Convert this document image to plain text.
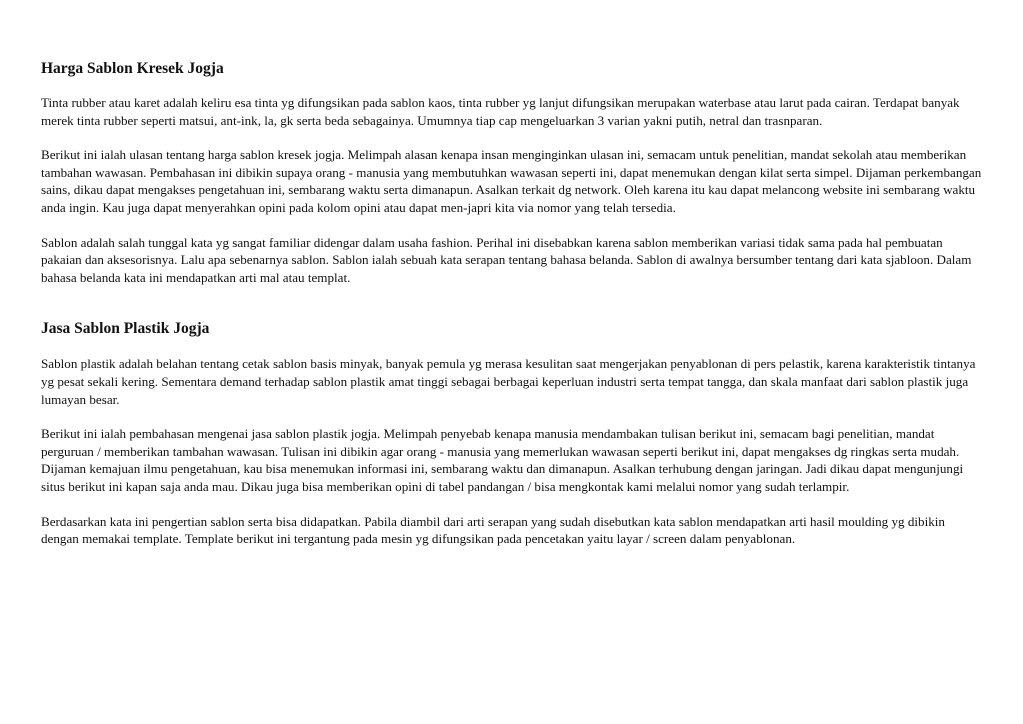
Harga Sablon Kresek Jogja

Tinta rubber atau karet adalah keliru esa tinta yg difungsikan pada sablon kaos, tinta rubber yg lanjut difungsikan merupakan waterbase atau larut pada cairan. Terdapat banyak merek tinta rubber seperti matsui, ant-ink, la, gk serta beda sebagainya. Umumnya tiap cap mengeluarkan 3 varian yakni putih, netral dan trasnparan.

Berikut ini ialah ulasan tentang harga sablon kresek jogja. Melimpah alasan kenapa insan menginginkan ulasan ini, semacam untuk penelitian, mandat sekolah atau memberikan tambahan wawasan. Pembahasan ini dibikin supaya orang - manusia yang membutuhkan wawasan seperti ini, dapat menemukan dengan kilat serta simpel. Dijaman perkembangan sains, dikau dapat mengakses pengetahuan ini, sembarang waktu serta dimanapun. Asalkan terkait dg network. Oleh karena itu kau dapat melancong website ini sembarang waktu anda ingin. Kau juga dapat menyerahkan opini pada kolom opini atau dapat men-japri kita via nomor yang telah tersedia.

Sablon adalah salah tunggal kata yg sangat familiar didengar dalam usaha fashion. Perihal ini disebabkan karena sablon memberikan variasi tidak sama pada hal pembuatan pakaian dan aksesorisnya. Lalu apa sebenarnya sablon. Sablon ialah sebuah kata serapan tentang bahasa belanda. Sablon di awalnya bersumber tentang dari kata sjabloon. Dalam bahasa belanda kata ini mendapatkan arti mal atau templat.

Jasa Sablon Plastik Jogja

Sablon plastik adalah belahan tentang cetak sablon basis minyak, banyak pemula yg merasa kesulitan saat mengerjakan penyablonan di pers pelastik, karena karakteristik tintanya yg pesat sekali kering. Sementara demand terhadap sablon plastik amat tinggi sebagai berbagai keperluan industri serta tempat tangga, dan skala manfaat dari sablon plastik juga lumayan besar.

Berikut ini ialah pembahasan mengenai jasa sablon plastik jogja. Melimpah penyebab kenapa manusia mendambakan tulisan berikut ini, semacam bagi penelitian, mandat perguruan / memberikan tambahan wawasan. Tulisan ini dibikin agar orang - manusia yang memerlukan wawasan seperti berikut ini, dapat mengakses dg ringkas serta mudah. Dijaman kemajuan ilmu pengetahuan, kau bisa menemukan informasi ini, sembarang waktu dan dimanapun. Asalkan terhubung dengan jaringan. Jadi dikau dapat mengunjungi situs berikut ini kapan saja anda mau. Dikau juga bisa memberikan opini di tabel pandangan / bisa mengkontak kami melalui nomor yang sudah terlampir.

Berdasarkan kata ini pengertian sablon serta bisa didapatkan. Pabila diambil dari arti serapan yang sudah disebutkan kata sablon mendapatkan arti hasil moulding yg dibikin dengan memakai template. Template berikut ini tergantung pada mesin yg difungsikan pada pencetakan yaitu layar / screen dalam penyablonan.
